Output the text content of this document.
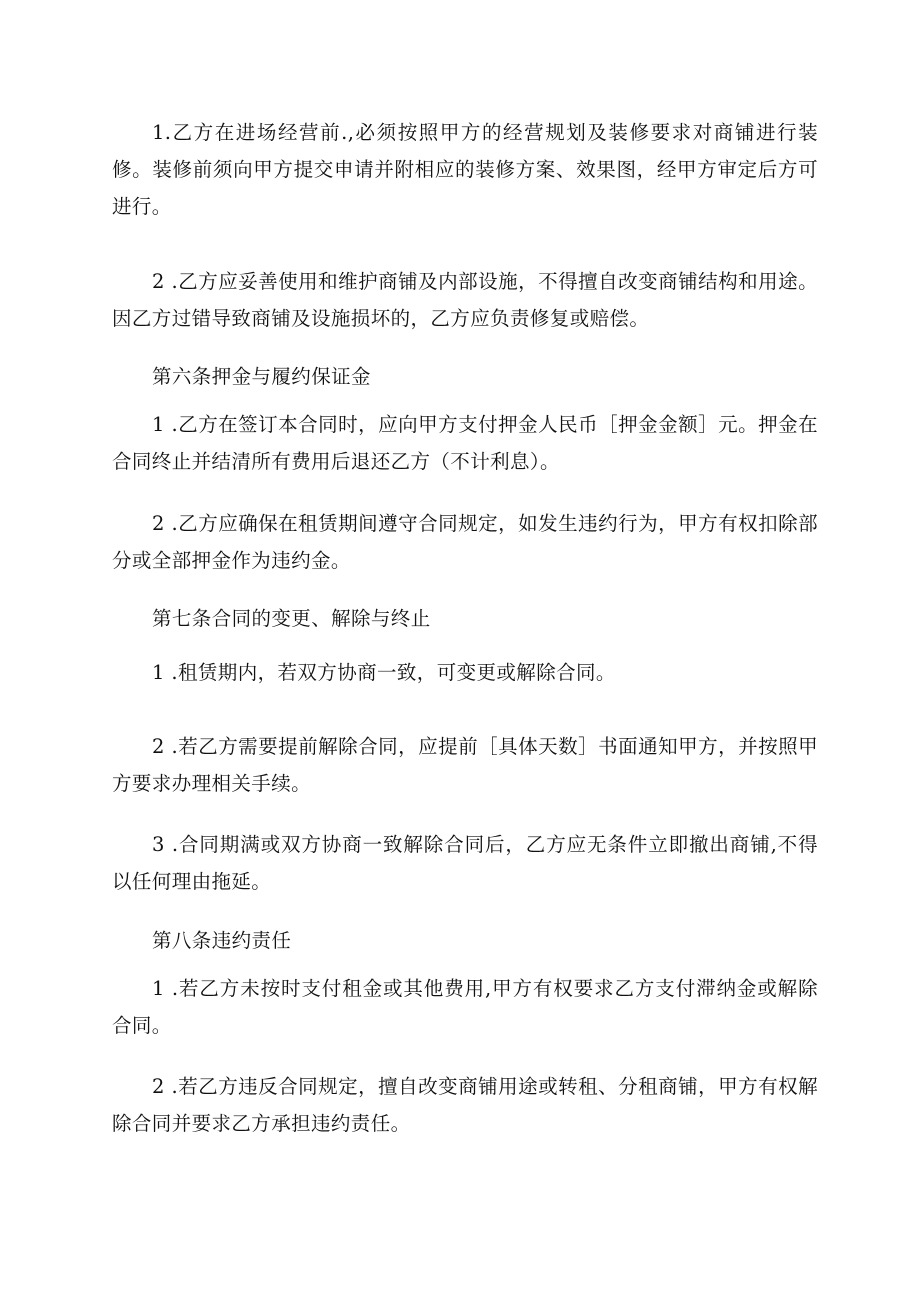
1.乙方在进场经营前.,必须按照甲方的经营规划及装修要求对商铺进行装修。装修前须向甲方提交申请并附相应的装修方案、效果图，经甲方审定后方可进行。

2 .乙方应妥善使用和维护商铺及内部设施，不得擅自改变商铺结构和用途。因乙方过错导致商铺及设施损坏的，乙方应负责修复或赔偿。

第六条押金与履约保证金

1 .乙方在签订本合同时，应向甲方支付押金人民币［押金金额］元。押金在合同终止并结清所有费用后退还乙方（不计利息）。

2 .乙方应确保在租赁期间遵守合同规定，如发生违约行为，甲方有权扣除部分或全部押金作为违约金。

第七条合同的变更、解除与终止

1 .租赁期内，若双方协商一致，可变更或解除合同。

2 .若乙方需要提前解除合同，应提前［具体天数］书面通知甲方，并按照甲方要求办理相关手续。

3 .合同期满或双方协商一致解除合同后，乙方应无条件立即撤出商铺,不得以任何理由拖延。

第八条违约责任

1 .若乙方未按时支付租金或其他费用,甲方有权要求乙方支付滞纳金或解除合同。

2 .若乙方违反合同规定，擅自改变商铺用途或转租、分租商铺，甲方有权解除合同并要求乙方承担违约责任。
